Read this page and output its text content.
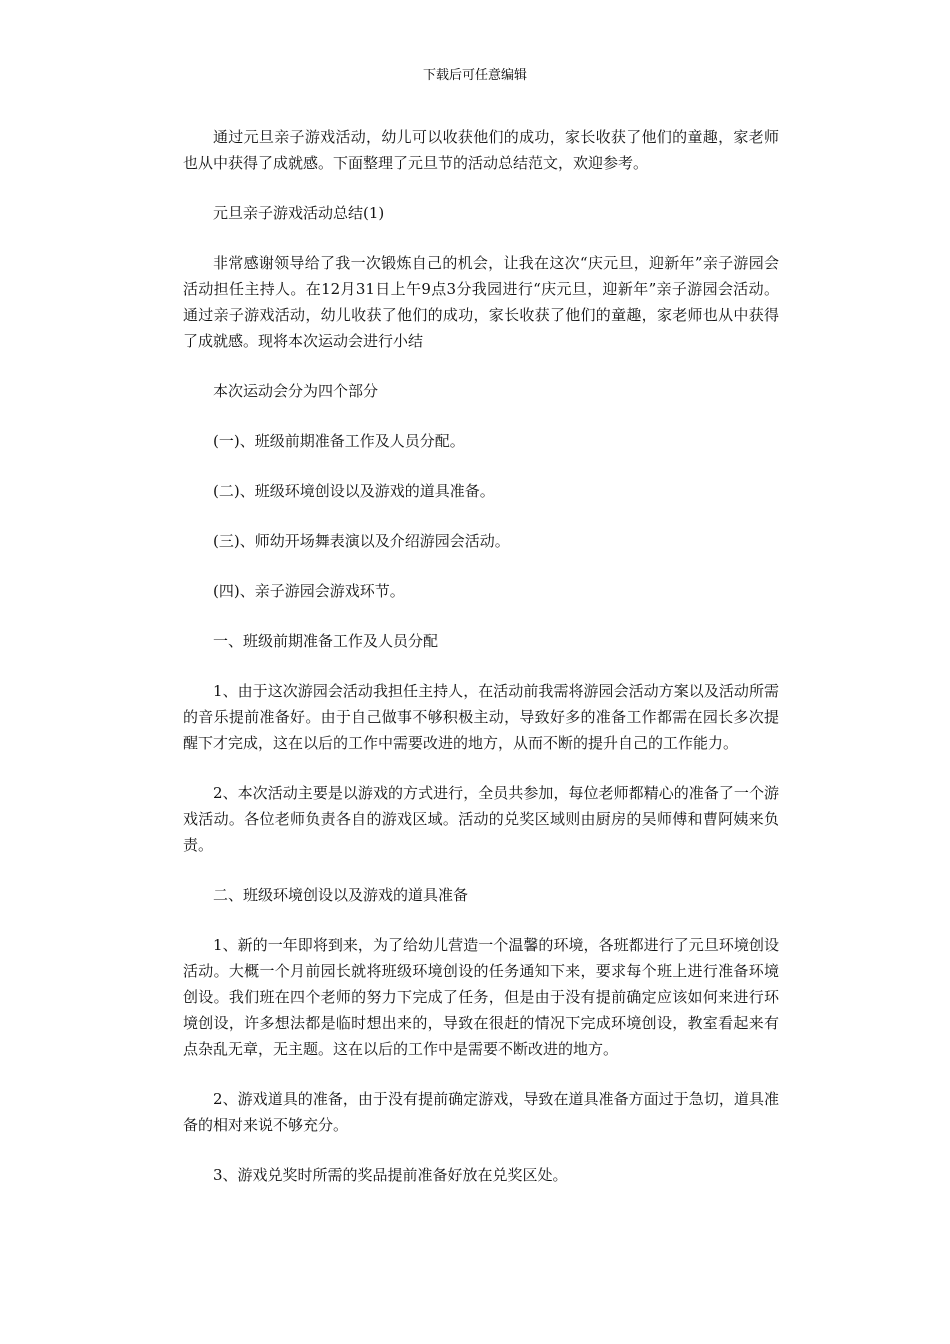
下载后可任意编辑

通过元旦亲子游戏活动，幼儿可以收获他们的成功，家长收获了他们的童趣，家老师也从中获得了成就感。下面整理了元旦节的活动总结范文，欢迎参考。

元旦亲子游戏活动总结(1)

非常感谢领导给了我一次锻炼自己的机会，让我在这次“庆元旦，迎新年”亲子游园会活动担任主持人。在12月31日上午9点3分我园进行“庆元旦，迎新年”亲子游园会活动。通过亲子游戏活动，幼儿收获了他们的成功，家长收获了他们的童趣，家老师也从中获得了成就感。现将本次运动会进行小结

本次运动会分为四个部分

(一)、班级前期准备工作及人员分配。

(二)、班级环境创设以及游戏的道具准备。

(三)、师幼开场舞表演以及介绍游园会活动。

(四)、亲子游园会游戏环节。

一、班级前期准备工作及人员分配

1、由于这次游园会活动我担任主持人，在活动前我需将游园会活动方案以及活动所需的音乐提前准备好。由于自己做事不够积极主动，导致好多的准备工作都需在园长多次提醒下才完成，这在以后的工作中需要改进的地方，从而不断的提升自己的工作能力。

2、本次活动主要是以游戏的方式进行，全员共参加，每位老师都精心的准备了一个游戏活动。各位老师负责各自的游戏区域。活动的兑奖区域则由厨房的吴师傅和曹阿姨来负责。

二、班级环境创设以及游戏的道具准备

1、新的一年即将到来，为了给幼儿营造一个温馨的环境，各班都进行了元旦环境创设活动。大概一个月前园长就将班级环境创设的任务通知下来，要求每个班上进行准备环境创设。我们班在四个老师的努力下完成了任务，但是由于没有提前确定应该如何来进行环境创设，许多想法都是临时想出来的，导致在很赶的情况下完成环境创设，教室看起来有点杂乱无章，无主题。这在以后的工作中是需要不断改进的地方。

2、游戏道具的准备，由于没有提前确定游戏，导致在道具准备方面过于急切，道具准备的相对来说不够充分。

3、游戏兑奖时所需的奖品提前准备好放在兑奖区处。
